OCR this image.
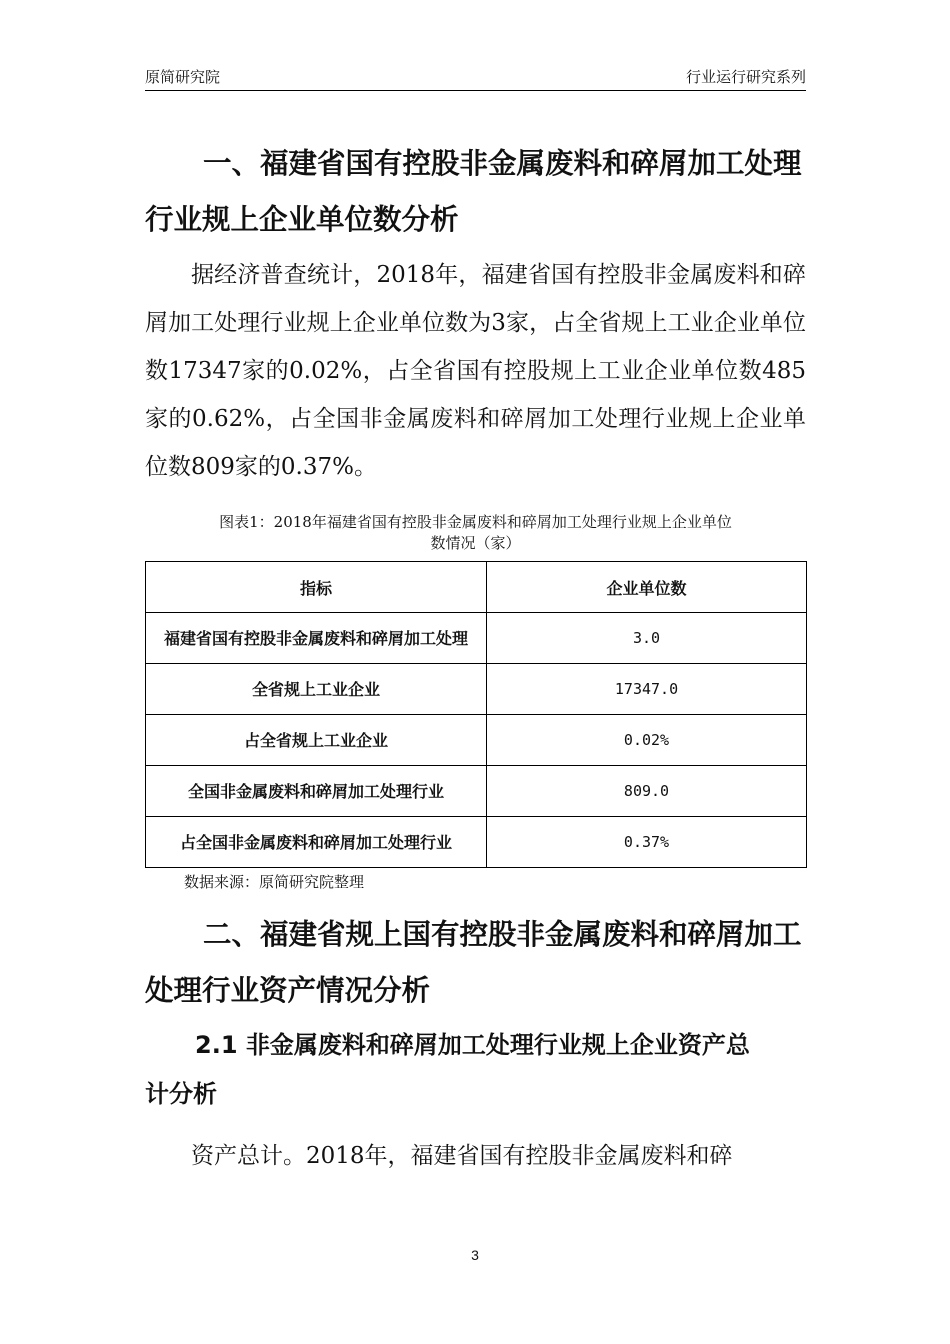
原简研究院	行业运行研究系列
一、福建省国有控股非金属废料和碎屑加工处理
行业规上企业单位数分析
据经济普查统计，2018年，福建省国有控股非金属废料和碎屑加工处理行业规上企业单位数为3家，占全省规上工业企业单位数17347家的0.02%，占全省国有控股规上工业企业单位数485家的0.62%，占全国非金属废料和碎屑加工处理行业规上企业单位数809家的0.37%。
图表1：2018年福建省国有控股非金属废料和碎屑加工处理行业规上企业单位
数情况（家）
指标	企业单位数
福建省国有控股非金属废料和碎屑加工处理	3.0
全省规上工业企业	17347.0
占全省规上工业企业	0.02%
全国非金属废料和碎屑加工处理行业	809.0
占全国非金属废料和碎屑加工处理行业	0.37%
数据来源：原简研究院整理
二、福建省规上国有控股非金属废料和碎屑加工
处理行业资产情况分析
2.1 非金属废料和碎屑加工处理行业规上企业资产总
计分析
资产总计。2018年，福建省国有控股非金属废料和碎
3
